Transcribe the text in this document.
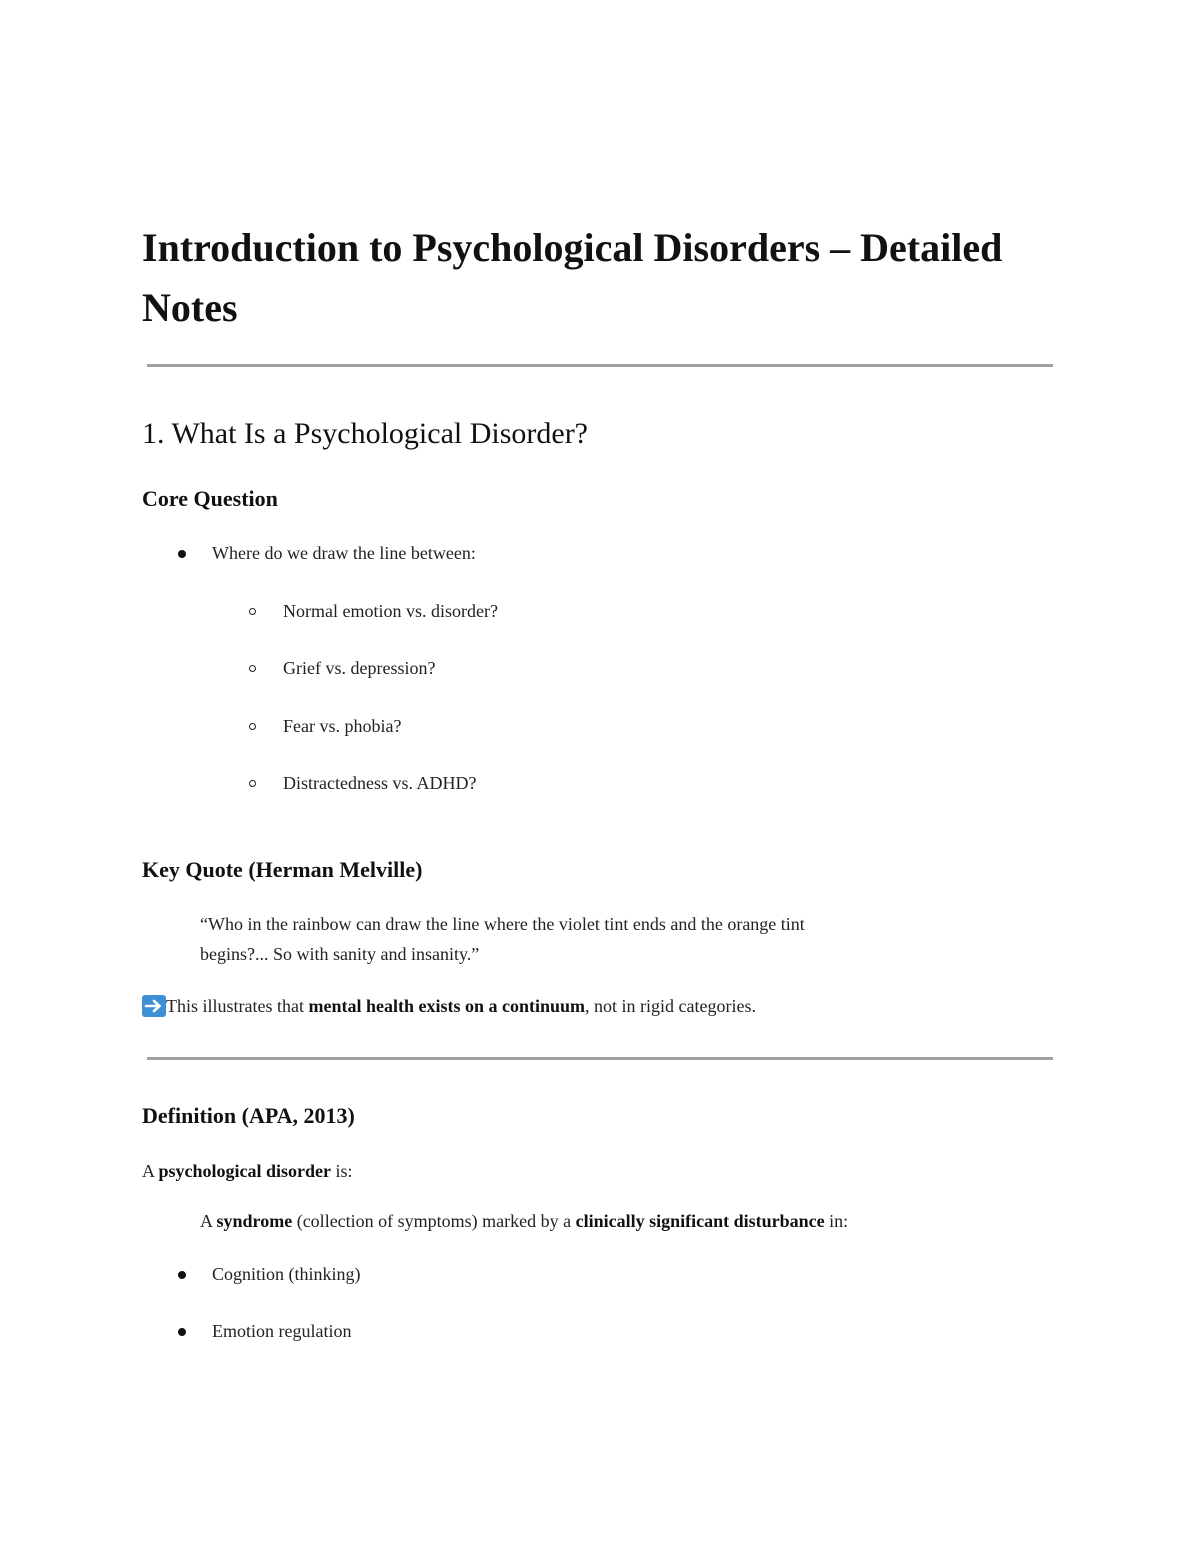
Introduction to Psychological Disorders – Detailed Notes
1. What Is a Psychological Disorder?
Core Question

Where do we draw the line between:

Normal emotion vs. disorder?

Grief vs. depression?

Fear vs. phobia?

Distractedness vs. ADHD?

Key Quote (Herman Melville)

“Who in the rainbow can draw the line where the violet tint ends and the orange tint

begins?... So with sanity and insanity.”

This illustrates that mental health exists on a continuum, not in rigid categories.

Definition (APA, 2013)

A psychological disorder is:

A syndrome (collection of symptoms) marked by a clinically significant disturbance in:

Cognition (thinking)

Emotion regulation
